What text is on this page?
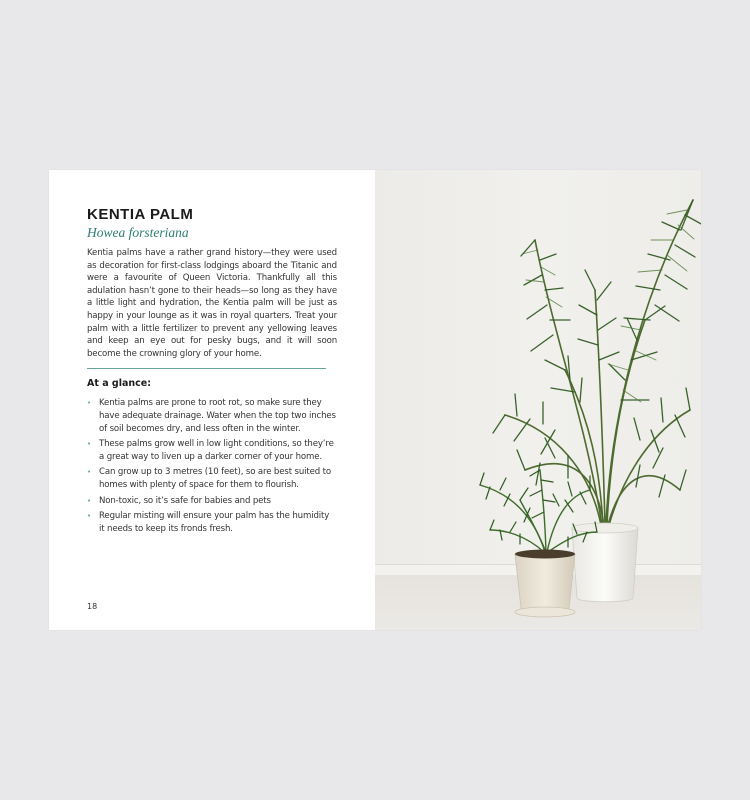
KENTIA PALM
Howea forsteriana

Kentia palms have a rather grand history—they were used as decoration for first-class lodgings aboard the Titanic and were a favourite of Queen Victoria. Thankfully all this adulation hasn’t gone to their heads—so long as they have a little light and hydration, the Kentia palm will be just as happy in your lounge as it was in royal quarters. Treat your palm with a little fertilizer to prevent any yellowing leaves and keep an eye out for pesky bugs, and it will soon become the crowning glory of your home.

At a glance:
• Kentia palms are prone to root rot, so make sure they have adequate drainage. Water when the top two inches of soil becomes dry, and less often in the winter.
• These palms grow well in low light conditions, so they’re a great way to liven up a darker corner of your home.
• Can grow up to 3 metres (10 feet), so are best suited to homes with plenty of space for them to flourish.
• Non-toxic, so it’s safe for babies and pets
• Regular misting will ensure your palm has the humidity it needs to keep its fronds fresh.
18
